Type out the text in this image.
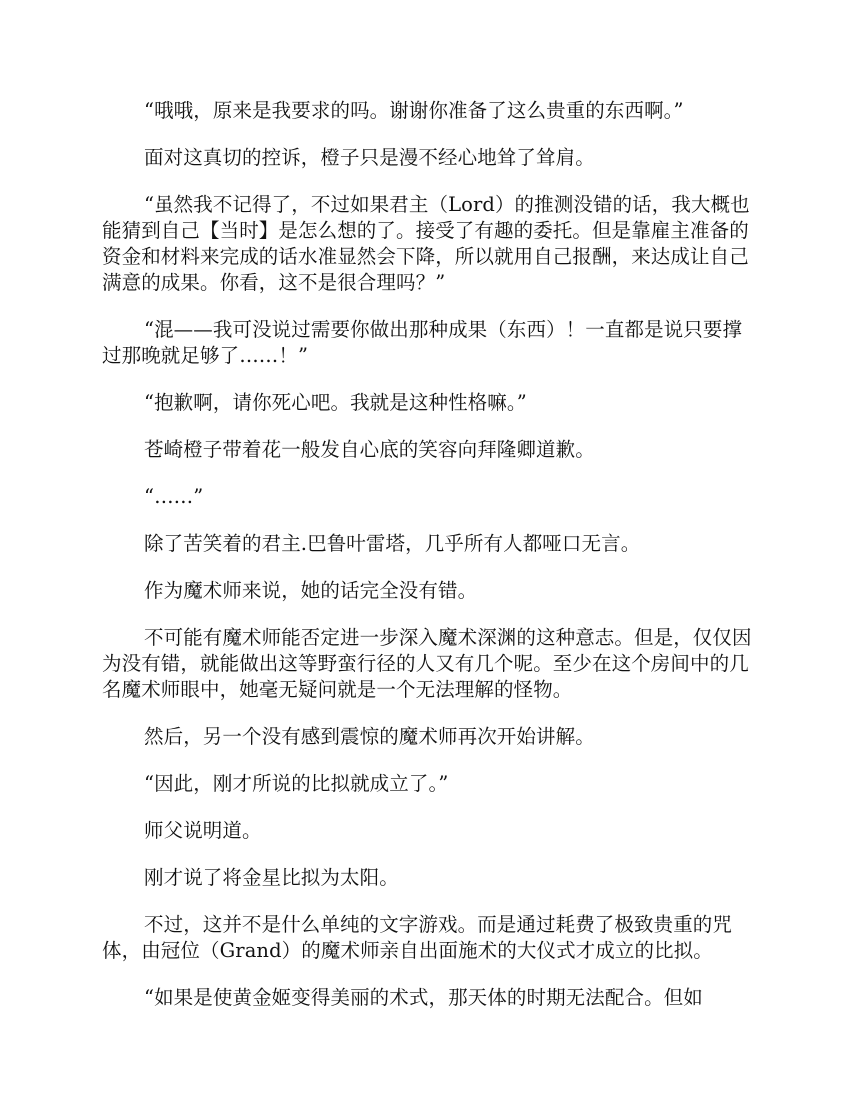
“哦哦，原来是我要求的吗。谢谢你准备了这么贵重的东西啊。”

面对这真切的控诉，橙子只是漫不经心地耸了耸肩。

“虽然我不记得了，不过如果君主（Lord）的推测没错的话，我大概也能猜到自己【当时】是怎么想的了。接受了有趣的委托。但是靠雇主准备的资金和材料来完成的话水准显然会下降，所以就用自己报酬，来达成让自己满意的成果。你看，这不是很合理吗？”

“混——我可没说过需要你做出那种成果（东西）！一直都是说只要撑过那晚就足够了……！”

“抱歉啊，请你死心吧。我就是这种性格嘛。”

苍崎橙子带着花一般发自心底的笑容向拜隆卿道歉。

“……”

除了苦笑着的君主.巴鲁叶雷塔，几乎所有人都哑口无言。

作为魔术师来说，她的话完全没有错。

不可能有魔术师能否定进一步深入魔术深渊的这种意志。但是，仅仅因为没有错，就能做出这等野蛮行径的人又有几个呢。至少在这个房间中的几名魔术师眼中，她毫无疑问就是一个无法理解的怪物。

然后，另一个没有感到震惊的魔术师再次开始讲解。

“因此，刚才所说的比拟就成立了。”

师父说明道。

刚才说了将金星比拟为太阳。

不过，这并不是什么单纯的文字游戏。而是通过耗费了极致贵重的咒体，由冠位（Grand）的魔术师亲自出面施术的大仪式才成立的比拟。

“如果是使黄金姬变得美丽的术式，那天体的时期无法配合。但如
